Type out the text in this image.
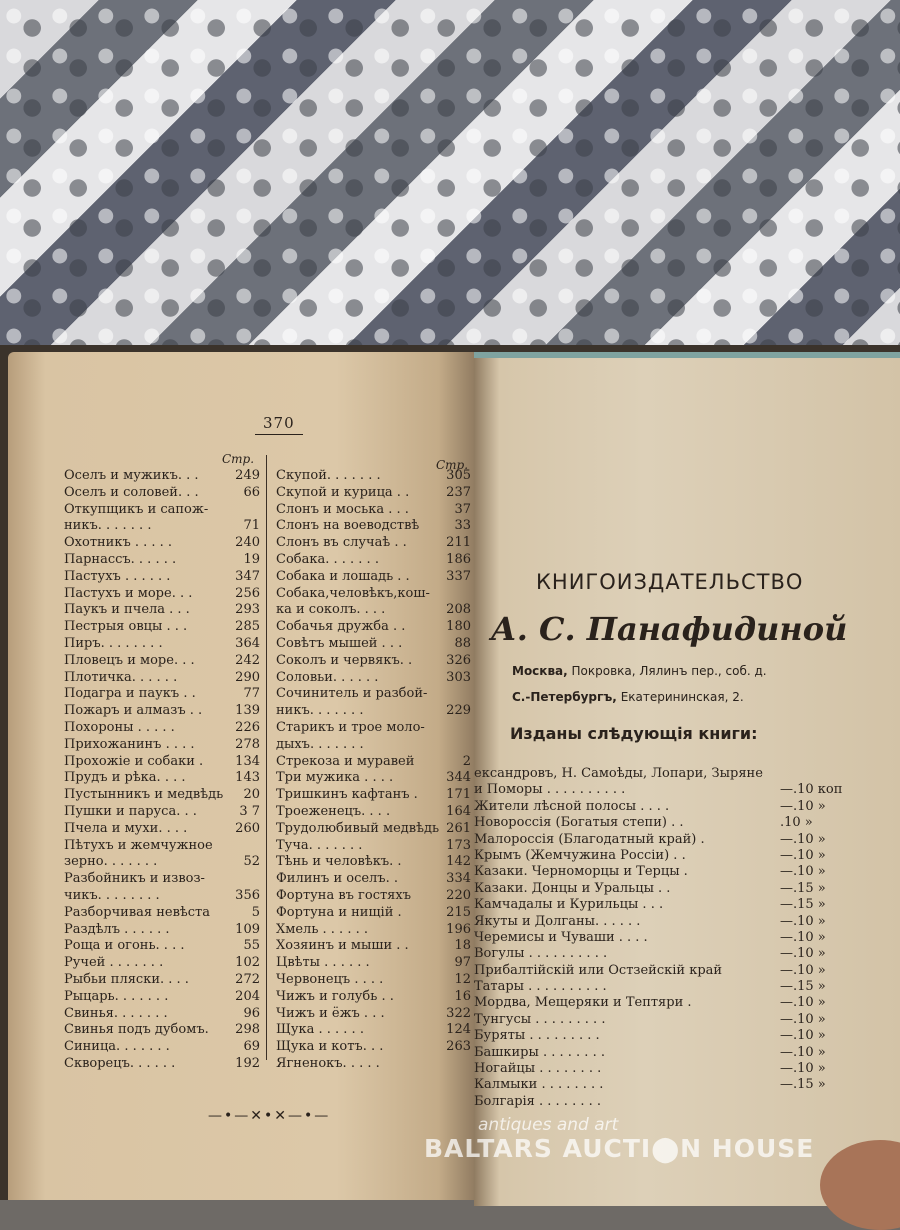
370
Стр.	Стр.
Оселъ и мужикъ. . .	249
Оселъ и соловей. . .	66
Откупщикъ и сапож-
никъ. . . . . . .	71
Охотникъ . . . . .	240
Парнассъ. . . . . .	19
Пастухъ . . . . . .	347
Пастухъ и море. . .	256
Паукъ и пчела . . .	293
Пестрыя овцы . . .	285
Пиръ. . . . . . . .	364
Пловецъ и море. . .	242
Плотичка. . . . . .	290
Подагра и паукъ . .	77
Пожаръ и алмазъ . .	139
Похороны . . . . .	226
Прихожанинъ . . . .	278
Прохожіе и собаки .	134
Прудъ и рѣка. . . .	143
Пустынникъ и медвѣдь	20
Пушки и паруса. . .	3 7
Пчела и мухи. . . .	260
Пѣтухъ и жемчужное
зерно. . . . . . .	52
Разбойникъ и извоз-
чикъ. . . . . . . .	356
Разборчивая невѣста	5
Раздѣлъ . . . . . .	109
Роща и огонь. . . .	55
Ручей . . . . . . .	102
Рыбьи пляски. . . .	272
Рыцарь. . . . . . .	204
Свинья. . . . . . .	96
Свинья подъ дубомъ.	298
Синица. . . . . . .	69
Скворецъ. . . . . .	192
Скупой. . . . . . .	305
Скупой и курица . .	237
Слонъ и моська . . .	37
Слонъ на воеводствѣ	33
Слонъ въ случаѣ . .	211
Собака. . . . . . .	186
Собака и лошадь . .	337
Собака,человѣкъ,кош-
ка и соколъ. . . .	208
Собачья дружба . .	180
Совѣтъ мышей . . .	88
Соколъ и червякъ. .	326
Соловьи. . . . . .	303
Сочинитель и разбой-
никъ. . . . . . .	229
Старикъ и трое моло-
дыхъ. . . . . . .
Стрекоза и муравей	2
Три мужика . . . .	344
Тришкинъ кафтанъ .	171
Троеженецъ. . . .	164
Трудолюбивый медвѣдь 261
Туча. . . . . . .	173
Тѣнь и человѣкъ. .	142
Филинъ и оселъ. .	334
Фортуна въ гостяхъ	220
Фортуна и нищій .	215
Хмель . . . . . .	196
Хозяинъ и мыши . .	18
Цвѣты . . . . . .	97
Червонецъ . . . .	12
Чижъ и голубь . .	16
Чижъ и ёжъ . . .	322
Щука . . . . . .	124
Щука и котъ. . .	263
Ягненокъ. . . . .
—•—✕•✕—•—
КНИГОИЗДАТЕЛЬСТВО
А. С. Панафидиной
Москва, Покровка, Лялинъ пер., соб. д.
С.-Петербургъ, Екатерининская, 2.
Изданы слѣдующія книги:
ександровъ, Н. Самоѣды, Лопари, Зыряне
и Поморы . . . . . . . . . .	—.10 коп
Жители лѣсной полосы . . . .	—.10 »
Новороссія (Богатыя степи) . .	.10 »
Малороссія (Благодатный край) .	—.10 »
Крымъ (Жемчужина Россіи) . .	—.10 »
Казаки. Черноморцы и Терцы .	—.10 »
Казаки. Донцы и Уральцы . .	—.15 »
Камчадалы и Курильцы . . .	—.15 »
Якуты и Долганы. . . . . .	—.10 »
Черемисы и Чуваши . . . .	—.10 »
Вогулы . . . . . . . . . .	—.10 »
Прибалтійскій или Остзейскій край	—.10 »
Татары . . . . . . . . . .	—.15 »
Мордва, Мещеряки и Тептяри .	—.10 »
Тунгусы . . . . . . . . .	—.10 »
Буряты . . . . . . . . .	—.10 »
Башкиры . . . . . . . .	—.10 »
Ногайцы . . . . . . . .	—.10 »
Калмыки . . . . . . . .	—.15 »
Болгарія . . . . . . . .
antiques and art
BALTARS AUCTI⬤N HOUSE
